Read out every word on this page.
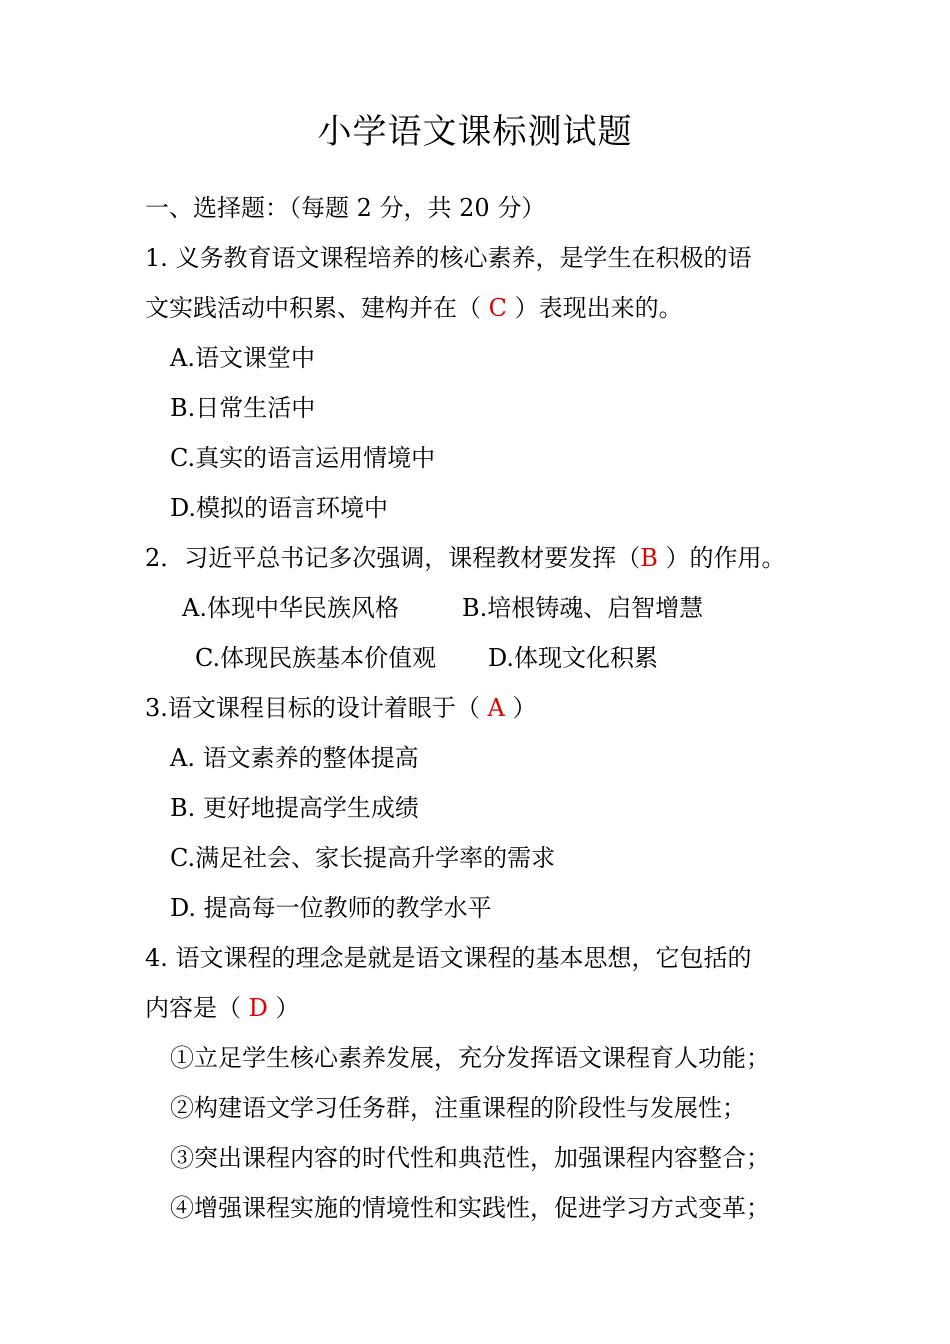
小学语文课标测试题
一、选择题：（每题 2 分，共 20 分）
1. 义务教育语文课程培养的核心素养，是学生在积极的语
文实践活动中积累、建构并在（ C ）表现出来的。
A.语文课堂中
B.日常生活中
C.真实的语言运用情境中
D.模拟的语言环境中
2．习近平总书记多次强调，课程教材要发挥（B ）的作用。
A.体现中华民族风格	B.培根铸魂、启智增慧
C.体现民族基本价值观 D.体现文化积累
3.语文课程目标的设计着眼于（ A ）
A. 语文素养的整体提高
B. 更好地提高学生成绩
C.满足社会、家长提高升学率的需求
D. 提高每一位教师的教学水平
4. 语文课程的理念是就是语文课程的基本思想，它包括的
内容是（ D ）
①立足学生核心素养发展，充分发挥语文课程育人功能；
②构建语文学习任务群，注重课程的阶段性与发展性；
③突出课程内容的时代性和典范性，加强课程内容整合；
④增强课程实施的情境性和实践性，促进学习方式变革；
